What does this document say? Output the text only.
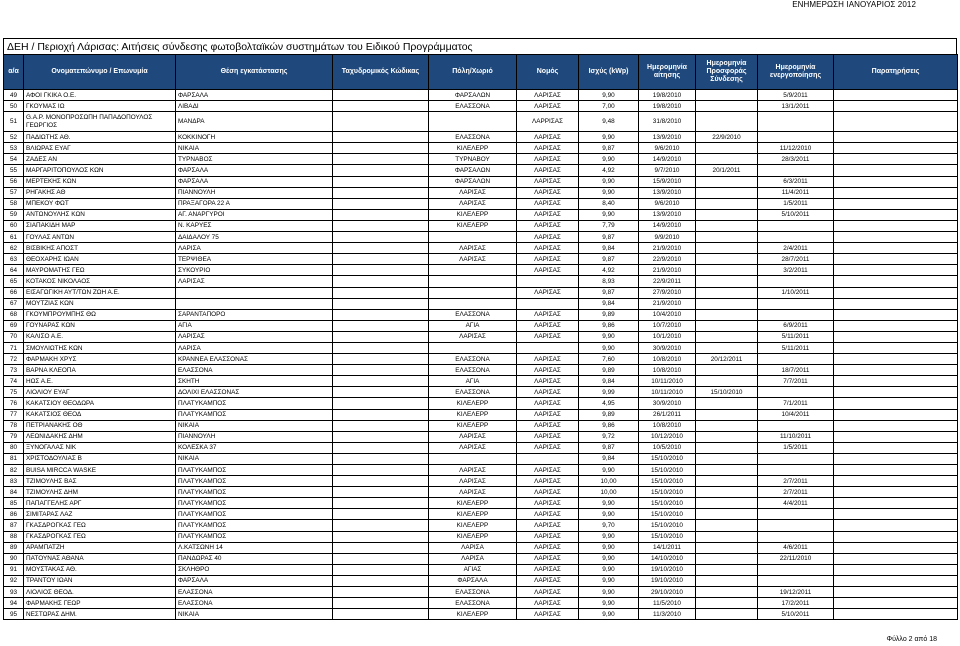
ΕΝΗΜΕΡΩΣΗ ΙΑΝΟΥΑΡΙΟΣ 2012
ΔΕΗ / Περιοχή Λάρισας: Αιτήσεις σύνδεσης φωτοβολταϊκών συστημάτων του Ειδικού Προγράμματος
α/α	Ονοματεπώνυμο / Επωνυμία	Θέση εγκατάστασης	Ταχυδρομικός Κώδικας	Πόλη/Χωριό	Νομός	Ισχύς (kWp)	Ημερομηνία αίτησης	Ημερομηνία Προσφοράς Σύνδεσης	Ημερομηνία ενεργοποίησης	Παρατηρήσεις
49	ΑΦΟΙ ΓΚΙΚΑ Ο.Ε.	ΦΑΡΣΑΛΑ		ΦΑΡΣΑΛΩΝ	ΛΑΡΙΣΑΣ	9,90	19/8/2010		5/9/2011	
50	ΓΚΟΥΜΑΣ ΙΩ	ΛΙΒΑΔΙ		ΕΛΑΣΣΟΝΑ	ΛΑΡΙΣΑΣ	7,00	19/8/2010		13/1/2011	
51	G.A.P. ΜΟΝΟΠΡΟΣΩΠΗ ΠΑΠΑΔΟΠΟΥΛΟΣ ΓΕΩΡΓΙΟΣ	ΜΑΝΔΡΑ			ΛΑΡΡΙΣΑΣ	9,48	31/8/2010			
52	ΠΑΔΙΩΤΗΣ ΑΘ.	ΚΟΚΚΙΝΟΓΗ		ΕΛΑΣΣΟΝΑ	ΛΑΡΙΣΑΣ	9,90	13/9/2010	22/9/2010		
53	ΒΛΙΩΡΑΣ ΕΥΑΓ	ΝΙΚΑΙΑ		ΚΙΛΕΛΕΡΡ	ΛΑΡΙΣΑΣ	9,87	9/6/2010		11/12/2010	
54	ΖΑΔΕΣ ΑΝ	ΤΥΡΝΑΒΟΣ		ΤΥΡΝΑΒΟΥ	ΛΑΡΙΣΑΣ	9,90	14/9/2010		28/3/2011	
55	ΜΑΡΓΑΡΙΤΟΠΟΥΛΟΣ ΚΩΝ	ΦΑΡΣΑΛΑ		ΦΑΡΣΑΛΩΝ	ΛΑΡΙΣΑΣ	4,92	9/7/2010	20/1/2011		
56	ΜΕΡΤΕΚΗΣ ΚΩΝ	ΦΑΡΣΑΛΑ		ΦΑΡΣΑΛΩΝ	ΛΑΡΙΣΑΣ	9,90	15/9/2010		6/3/2011	
57	ΡΗΓΑΚΗΣ ΑΘ	ΠΙΑΝΝΟΥΛΗ		ΛΑΡΙΣΑΣ	ΛΑΡΙΣΑΣ	9,90	13/9/2010		11/4/2011	
58	ΜΠΕΚΟΥ ΦΩΤ	ΠΡΑΞΑΓΟΡΑ 22 Α		ΛΑΡΙΣΑΣ	ΛΑΡΙΣΑΣ	8,40	9/6/2010		1/5/2011	
59	ΑΝΤΩΝΟΥΛΗΣ ΚΩΝ	ΑΓ. ΑΝΑΡΓΥΡΟΙ		ΚΙΛΕΛΕΡΡ	ΛΑΡΙΣΑΣ	9,90	13/9/2010		5/10/2011	
60	ΣΙΑΠΑΚΙΔΗ ΜΑΡ	Ν. ΚΑΡΥΕΣ		ΚΙΛΕΛΕΡΡ	ΛΑΡΙΣΑΣ	7,79	14/9/2010			
61	ΓΟΥΛΑΣ ΑΝΤΩΝ	ΔΑΙΔΑΛΟΥ 75			ΛΑΡΙΣΑΣ	9,87	9/9/2010			
62	ΒΙΣΒΙΚΗΣ ΑΠΟΣΤ	ΛΑΡΙΣΑ		ΛΑΡΙΣΑΣ	ΛΑΡΙΣΑΣ	9,84	21/9/2010		2/4/2011	
63	ΘΕΟΧΑΡΗΣ ΙΩΑΝ	ΤΕΡΨΙΘΕΑ		ΛΑΡΙΣΑΣ	ΛΑΡΙΣΑΣ	9,87	22/9/2010		28/7/2011	
64	ΜΑΥΡΟΜΑΤΗΣ ΓΕΩ	ΣΥΚΟΥΡΙΟ			ΛΑΡΙΣΑΣ	4,92	21/9/2010		3/2/2011	
65	ΚΟΤΑΚΟΣ ΝΙΚΟΛΑΟΣ	ΛΑΡΙΣΑΣ				8,93	22/9/2011			
66	ΕΙΣΑΓΩΓΙΚΗ ΑΥΤ/ΤΩΝ ΖΩΗ Α.Ε.				ΛΑΡΙΣΑΣ	9,87	27/9/2010		1/10/2011	
67	ΜΟΥΤΖΙΑΣ ΚΩΝ					9,84	21/9/2010			
68	ΓΚΟΥΜΠΡΟΥΜΠΗΣ ΘΩ	ΣΑΡΑΝΤΑΠΟΡΟ		ΕΛΑΣΣΟΝΑ	ΛΑΡΙΣΑΣ	9,89	10/4/2010			
69	ΓΟΥΝΑΡΑΣ ΚΩΝ	ΑΓΙΑ		ΑΓΙΑ	ΛΑΡΙΣΑΣ	9,86	10/7/2010		6/9/2011	
70	ΚΑΛΙΣΟ Α.Ε.	ΛΑΡΙΣΑΣ		ΛΑΡΙΣΑΣ	ΛΑΡΙΣΑΣ	9,90	10/1/2010		5/11/2011	
71	ΣΜΟΥΛΙΩΤΗΣ ΚΩΝ	ΛΑΡΙΣΑ				9,90	30/9/2010		5/11/2011	
72	ΦΑΡΜΑΚΗ ΧΡΥΣ	ΚΡΑΝΝΕΑ ΕΛΑΣΣΟΝΑΣ		ΕΛΑΣΣΟΝΑ	ΛΑΡΙΣΑΣ	7,60	10/8/2010	20/12/2011		
73	ΒΑΡΝΑ ΚΛΕΟΠΑ	ΕΛΑΣΣΟΝΑ		ΕΛΑΣΣΟΝΑ	ΛΑΡΙΣΑΣ	9,89	10/8/2010		18/7/2011	
74	ΗΩΣ Α.Ε.	ΣΚΗΤΗ		ΑΓΙΑ	ΛΑΡΙΣΑΣ	9,84	10/11/2010		7/7/2011	
75	ΛΙΟΛΙΟΥ ΕΥΑΓ	ΔΟΛΙΧΙ ΕΛΑΣΣΟΝΑΣ		ΕΛΑΣΣΟΝΑ	ΛΑΡΙΣΑΣ	9,99	10/11/2010	15/10/2010		
76	ΚΑΚΑΤΣΙΟΥ ΘΕΟΔΩΡΑ	ΠΛΑΤΥΚΑΜΠΟΣ		ΚΙΛΕΛΕΡΡ	ΛΑΡΙΣΑΣ	4,95	30/9/2010		7/1/2011	
77	ΚΑΚΑΤΣΙΟΣ ΘΕΟΔ	ΠΛΑΤΥΚΑΜΠΟΣ		ΚΙΛΕΛΕΡΡ	ΛΑΡΙΣΑΣ	9,89	26/1/2011		10/4/2011	
78	ΠΕΤΡΙΑΝΑΚΗΣ ΟΘ	ΝΙΚΑΙΑ		ΚΙΛΕΛΕΡΡ	ΛΑΡΙΣΑΣ	9,86	10/8/2010			
79	ΛΕΩΝΙΔΑΚΗΣ ΔΗΜ	ΠΙΑΝΝΟΥΛΗ		ΛΑΡΙΣΑΣ	ΛΑΡΙΣΑΣ	9,72	10/12/2010		11/10/2011	
80	ΞΥΝΟΓΑΛΑΣ ΝΙΚ	ΚΟΛΕΣΚΑ 37		ΛΑΡΙΣΑΣ	ΛΑΡΙΣΑΣ	9,87	10/5/2010		1/5/2011	
81	ΧΡΙΣΤΟΔΟΥΛΙΑΣ Β	ΝΙΚΑΙΑ				9,84	15/10/2010			
82	BUISA MIRCCA WASKE	ΠΛΑΤΥΚΑΜΠΟΣ		ΛΑΡΙΣΑΣ	ΛΑΡΙΣΑΣ	9,90	15/10/2010			
83	ΤΖΙΜΟΥΛΗΣ ΒΑΣ	ΠΛΑΤΥΚΑΜΠΟΣ		ΛΑΡΙΣΑΣ	ΛΑΡΙΣΑΣ	10,00	15/10/2010		2/7/2011	
84	ΤΖΙΜΟΥΛΗΣ ΔΗΜ	ΠΛΑΤΥΚΑΜΠΟΣ		ΛΑΡΙΣΑΣ	ΛΑΡΙΣΑΣ	10,00	15/10/2010		2/7/2011	
85	ΠΑΠΑΓΓΕΛΗΣ ΑΡΓ	ΠΛΑΤΥΚΑΜΠΟΣ		ΚΙΛΕΛΕΡΡ	ΛΑΡΙΣΑΣ	9,90	15/10/2010		4/4/2011	
86	ΣΙΜΙΤΑΡΑΣ ΛΑΖ	ΠΛΑΤΥΚΑΜΠΟΣ		ΚΙΛΕΛΕΡΡ	ΛΑΡΙΣΑΣ	9,90	15/10/2010			
87	ΓΚΑΣΔΡΟΓΚΑΣ ΓΕΩ	ΠΛΑΤΥΚΑΜΠΟΣ		ΚΙΛΕΛΕΡΡ	ΛΑΡΙΣΑΣ	9,70	15/10/2010			
88	ΓΚΑΣΔΡΟΓΚΑΣ ΓΕΩ	ΠΛΑΤΥΚΑΜΠΟΣ		ΚΙΛΕΛΕΡΡ	ΛΑΡΙΣΑΣ	9,90	15/10/2010			
89	ΑΡΑΜΠΑΤΖΗ	Λ.ΚΑΤΣΩΝΗ 14		ΛΑΡΙΣΑ	ΛΑΡΙΣΑΣ	9,90	14/1/2011		4/6/2011	
90	ΠΑΤΟΥΝΑΣ ΑΘΑΝΑ	ΠΑΝΔΩΡΑΣ 40		ΛΑΡΙΣΑ	ΛΑΡΙΣΑΣ	9,90	14/10/2010		22/11/2010	
91	ΜΟΥΣΤΑΚΑΣ ΑΘ.	ΣΚΛΗΘΡΟ		ΑΓΙΑΣ	ΛΑΡΙΣΑΣ	9,90	19/10/2010			
92	ΤΡΑΝΤΟΥ ΙΩΑΝ	ΦΑΡΣΑΛΑ		ΦΑΡΣΑΛΑ	ΛΑΡΙΣΑΣ	9,90	19/10/2010			
93	ΛΙΟΛΙΟΣ ΘΕΟΔ.	ΕΛΑΣΣΟΝΑ		ΕΛΑΣΣΟΝΑ	ΛΑΡΙΣΑΣ	9,90	29/10/2010		19/12/2011	
94	ΦΑΡΜΑΚΗΣ ΓΕΩΡ	ΕΛΑΣΣΟΝΑ		ΕΛΑΣΣΟΝΑ	ΛΑΡΙΣΑΣ	9,90	11/5/2010		17/2/2011	
95	ΝΕΣΤΩΡΑΣ ΔΗΜ.	ΝΙΚΑΙΑ		ΚΙΛΕΛΕΡΡ	ΛΑΡΙΣΑΣ	9,90	11/3/2010		5/10/2011	
Φύλλο 2 από 18
